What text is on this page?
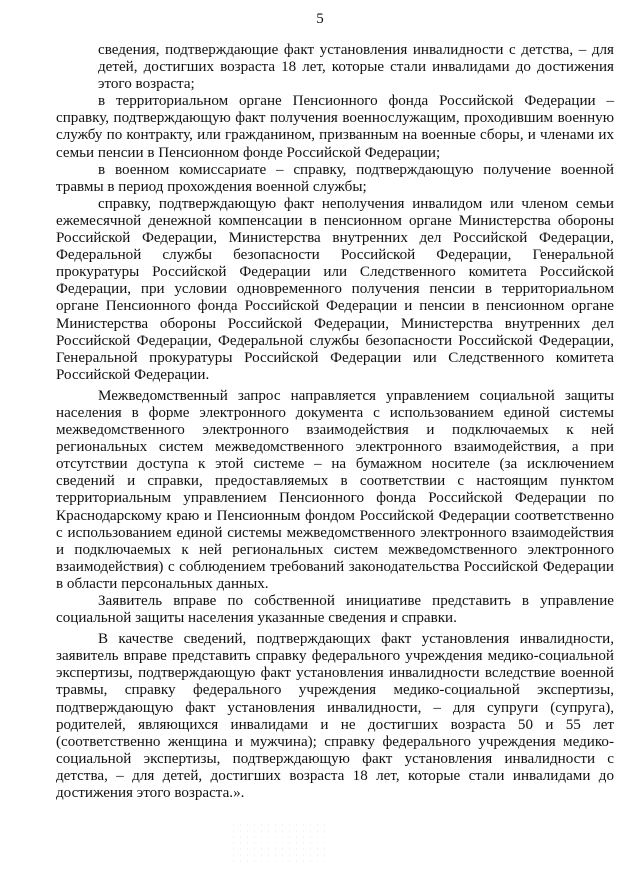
5

сведения, подтверждающие факт установления инвалидности с детства, – для детей, достигших возраста 18 лет, которые стали инвалидами до достижения этого возраста;

в территориальном органе Пенсионного фонда Российской Федерации – справку, подтверждающую факт получения военнослужащим, проходившим военную службу по контракту, или гражданином, призванным на военные сборы, и членами их семьи пенсии в Пенсионном фонде Российской Федерации;

в военном комиссариате – справку, подтверждающую получение военной травмы в период прохождения военной службы;

справку, подтверждающую факт неполучения инвалидом или членом семьи ежемесячной денежной компенсации в пенсионном органе Министерства обороны Российской Федерации, Министерства внутренних дел Российской Федерации, Федеральной службы безопасности Российской Федерации, Генеральной прокуратуры Российской Федерации или Следственного комитета Российской Федерации, при условии одновременного получения пенсии в территориальном органе Пенсионного фонда Российской Федерации и пенсии в пенсионном органе Министерства обороны Российской Федерации, Министерства внутренних дел Российской Федерации, Федеральной службы безопасности Российской Федерации, Генеральной прокуратуры Российской Федерации или Следственного комитета Российской Федерации.

Межведомственный запрос направляется управлением социальной защиты населения в форме электронного документа с использованием единой системы межведомственного электронного взаимодействия и подключаемых к ней региональных систем межведомственного электронного взаимодействия, а при отсутствии доступа к этой системе – на бумажном носителе (за исключением сведений и справки, предоставляемых в соответствии с настоящим пунктом территориальным управлением Пенсионного фонда Российской Федерации по Краснодарскому краю и Пенсионным фондом Российской Федерации соответственно с использованием единой системы межведомственного электронного взаимодействия и подключаемых к ней региональных систем межведомственного электронного взаимодействия) с соблюдением требований законодательства Российской Федерации в области персональных данных.

Заявитель вправе по собственной инициативе представить в управление социальной защиты населения указанные сведения и справки.

В качестве сведений, подтверждающих факт установления инвалидности, заявитель вправе представить справку федерального учреждения медико-социальной экспертизы, подтверждающую факт установления инвалидности вследствие военной травмы, справку федерального учреждения медико-социальной экспертизы, подтверждающую факт установления инвалидности, – для супруги (супруга), родителей, являющихся инвалидами и не достигших возраста 50 и 55 лет (соответственно женщина и мужчина); справку федерального учреждения медико-социальной экспертизы, подтверждающую факт установления инвалидности с детства, – для детей, достигших возраста 18 лет, которые стали инвалидами до достижения этого возраста.».
